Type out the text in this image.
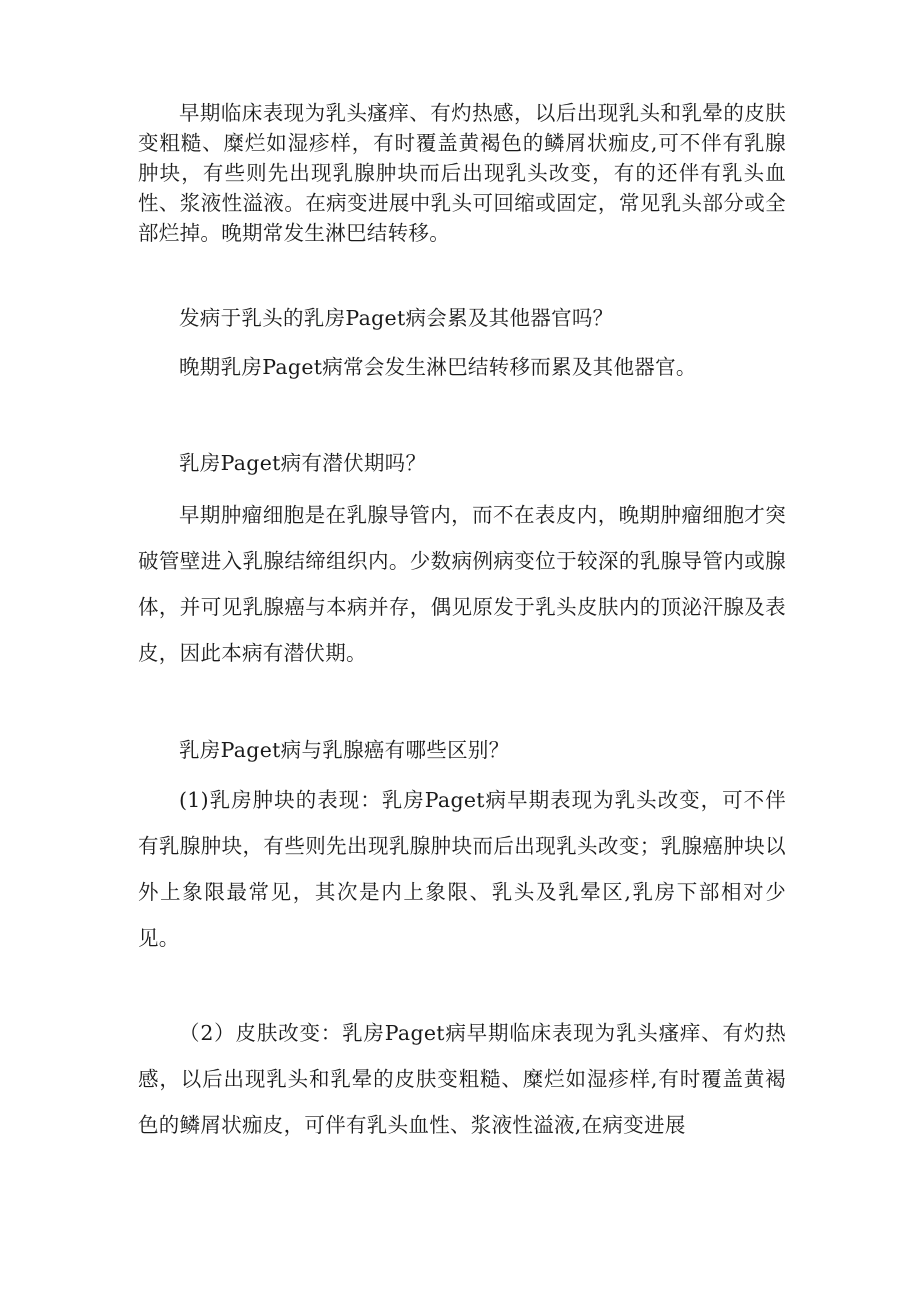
早期临床表现为乳头瘙痒、有灼热感，以后出现乳头和乳晕的皮肤变粗糙、糜烂如湿疹样，有时覆盖黄褐色的鳞屑状痂皮,可不伴有乳腺肿块，有些则先出现乳腺肿块而后出现乳头改变，有的还伴有乳头血性、浆液性溢液。在病变进展中乳头可回缩或固定，常见乳头部分或全部烂掉。晚期常发生淋巴结转移。

发病于乳头的乳房Paget病会累及其他器官吗？

晚期乳房Paget病常会发生淋巴结转移而累及其他器官。

乳房Paget病有潜伏期吗？

早期肿瘤细胞是在乳腺导管内，而不在表皮内，晚期肿瘤细胞才突破管壁进入乳腺结缔组织内。少数病例病变位于较深的乳腺导管内或腺体，并可见乳腺癌与本病并存，偶见原发于乳头皮肤内的顶泌汗腺及表皮，因此本病有潜伏期。

乳房Paget病与乳腺癌有哪些区别？

(1)乳房肿块的表现：乳房Paget病早期表现为乳头改变，可不伴有乳腺肿块，有些则先出现乳腺肿块而后出现乳头改变；乳腺癌肿块以外上象限最常见，其次是内上象限、乳头及乳晕区,乳房下部相对少见。

（2）皮肤改变：乳房Paget病早期临床表现为乳头瘙痒、有灼热感，以后出现乳头和乳晕的皮肤变粗糙、糜烂如湿疹样,有时覆盖黄褐色的鳞屑状痂皮，可伴有乳头血性、浆液性溢液,在病变进展
